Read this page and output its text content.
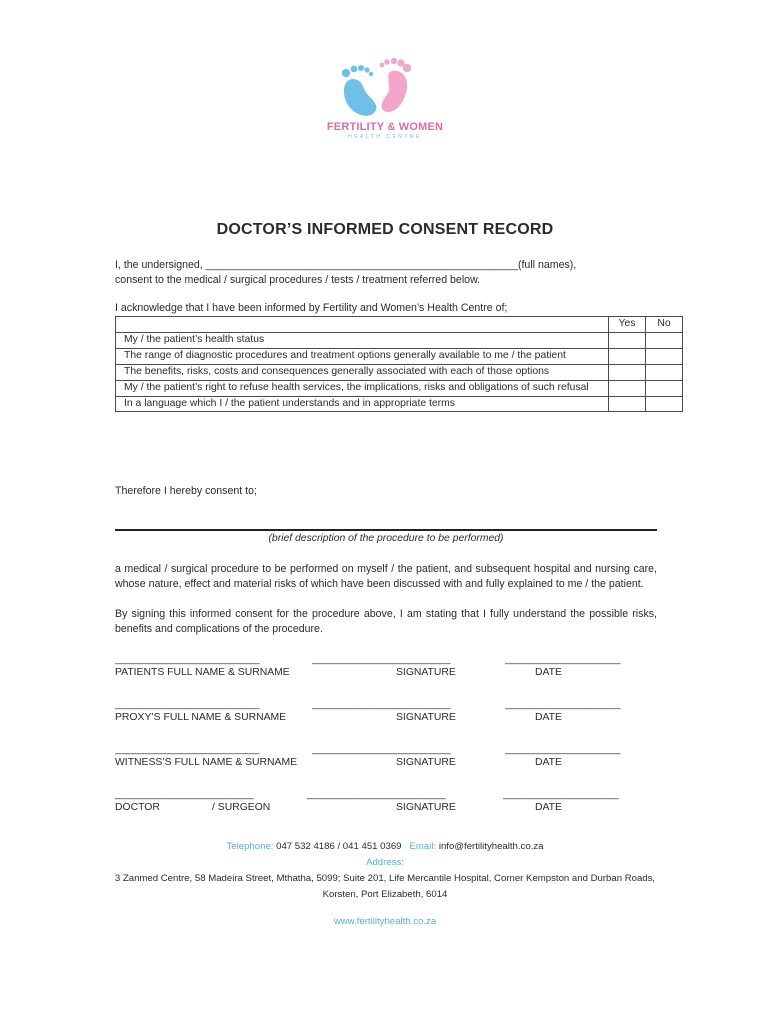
FERTILITY & WOMEN
HEALTH CENTRE
DOCTOR’S INFORMED CONSENT RECORD
I, the undersigned, _____________________________________________________(full names),
consent to the medical / surgical procedures / tests / treatment referred below.
I acknowledge that I have been informed by Fertility and Women’s Health Centre of;
	Yes	No
My / the patient’s health status		
The range of diagnostic procedures and treatment options generally available to me / the patient		
The benefits, risks, costs and consequences generally associated with each of those options		
My / the patient’s right to refuse health services, the implications, risks and obligations of such refusal		
In a language which I / the patient understands and in appropriate terms		
Therefore I hereby consent to;
(brief description of the procedure to be performed)
a medical / surgical procedure to be performed on myself / the patient, and subsequent hospital and nursing care, whose nature, effect and material risks of which have been discussed with and fully explained to me / the patient.
By signing this informed consent for the procedure above, I am stating that I fully understand the possible risks, benefits and complications of the procedure.
_________________________	________________________	____________________
PATIENTS FULL NAME & SURNAME	SIGNATURE	DATE
_________________________	________________________	____________________
PROXY’S FULL NAME & SURNAME	SIGNATURE	DATE
_________________________	________________________	____________________
WITNESS’S FULL NAME & SURNAME	SIGNATURE	DATE
________________________	________________________	____________________
DOCTOR	/ SURGEON	SIGNATURE	DATE
Telephone: 047 532 4186 / 041 451 0369 Email: info@fertilityhealth.co.za
Address:
3 Zanmed Centre, 58 Madeira Street, Mthatha, 5099; Suite 201, Life Mercantile Hospital, Corner Kempston and Durban Roads,
Korsten, Port Elizabeth, 6014
www.fertilityhealth.co.za
